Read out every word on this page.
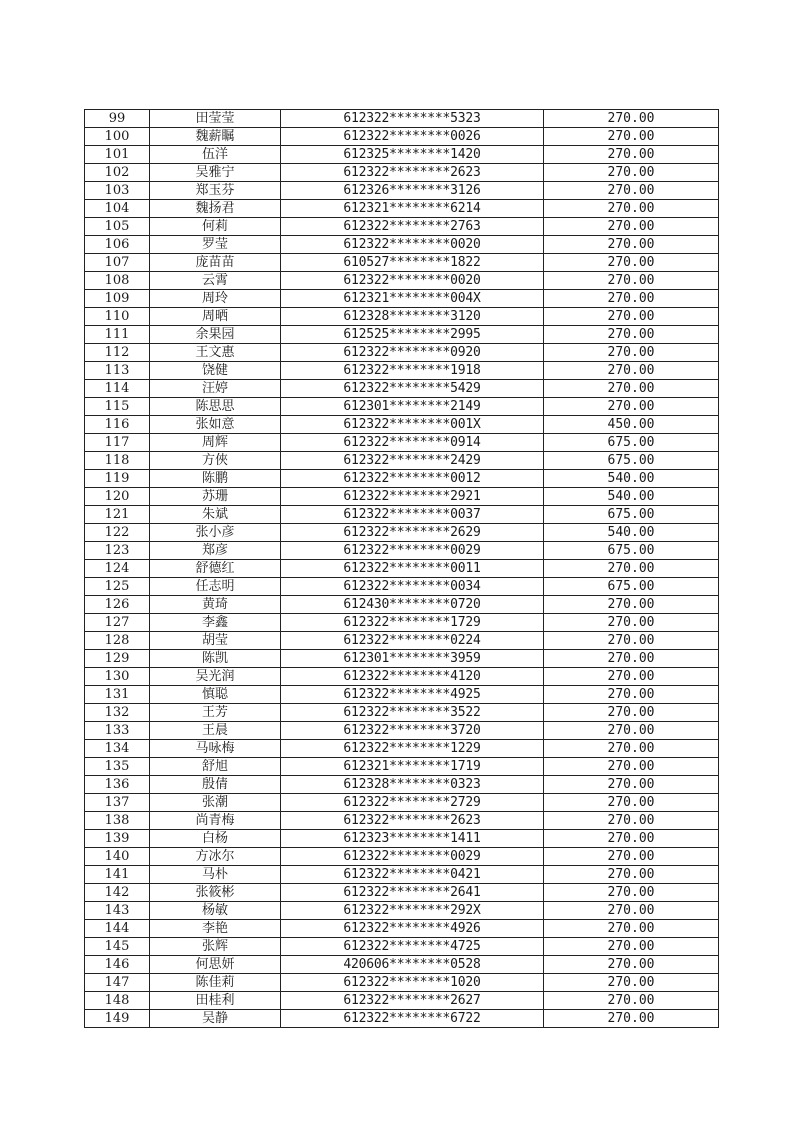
99	田莹莹	612322********5323	270.00
100	魏薪瞩	612322********0026	270.00
101	伍洋	612325********1420	270.00
102	吴雅宁	612322********2623	270.00
103	郑玉芬	612326********3126	270.00
104	魏扬君	612321********6214	270.00
105	何莉	612322********2763	270.00
106	罗莹	612322********0020	270.00
107	庞苗苗	610527********1822	270.00
108	云霄	612322********0020	270.00
109	周玲	612321********004X	270.00
110	周晒	612328********3120	270.00
111	余果园	612525********2995	270.00
112	王文惠	612322********0920	270.00
113	饶健	612322********1918	270.00
114	汪婷	612322********5429	270.00
115	陈思思	612301********2149	270.00
116	张如意	612322********001X	450.00
117	周辉	612322********0914	675.00
118	方俠	612322********2429	675.00
119	陈鹏	612322********0012	540.00
120	苏珊	612322********2921	540.00
121	朱斌	612322********0037	675.00
122	张小彦	612322********2629	540.00
123	郑彦	612322********0029	675.00
124	舒德红	612322********0011	270.00
125	任志明	612322********0034	675.00
126	黄琦	612430********0720	270.00
127	李鑫	612322********1729	270.00
128	胡莹	612322********0224	270.00
129	陈凯	612301********3959	270.00
130	吴光润	612322********4120	270.00
131	慎聪	612322********4925	270.00
132	王芳	612322********3522	270.00
133	王晨	612322********3720	270.00
134	马咏梅	612322********1229	270.00
135	舒旭	612321********1719	270.00
136	殷倩	612328********0323	270.00
137	张潮	612322********2729	270.00
138	尚青梅	612322********2623	270.00
139	白杨	612323********1411	270.00
140	方冰尔	612322********0029	270.00
141	马朴	612322********0421	270.00
142	张筱彬	612322********2641	270.00
143	杨敏	612322********292X	270.00
144	李艳	612322********4926	270.00
145	张辉	612322********4725	270.00
146	何思妍	420606********0528	270.00
147	陈佳莉	612322********1020	270.00
148	田桂利	612322********2627	270.00
149	吴静	612322********6722	270.00
